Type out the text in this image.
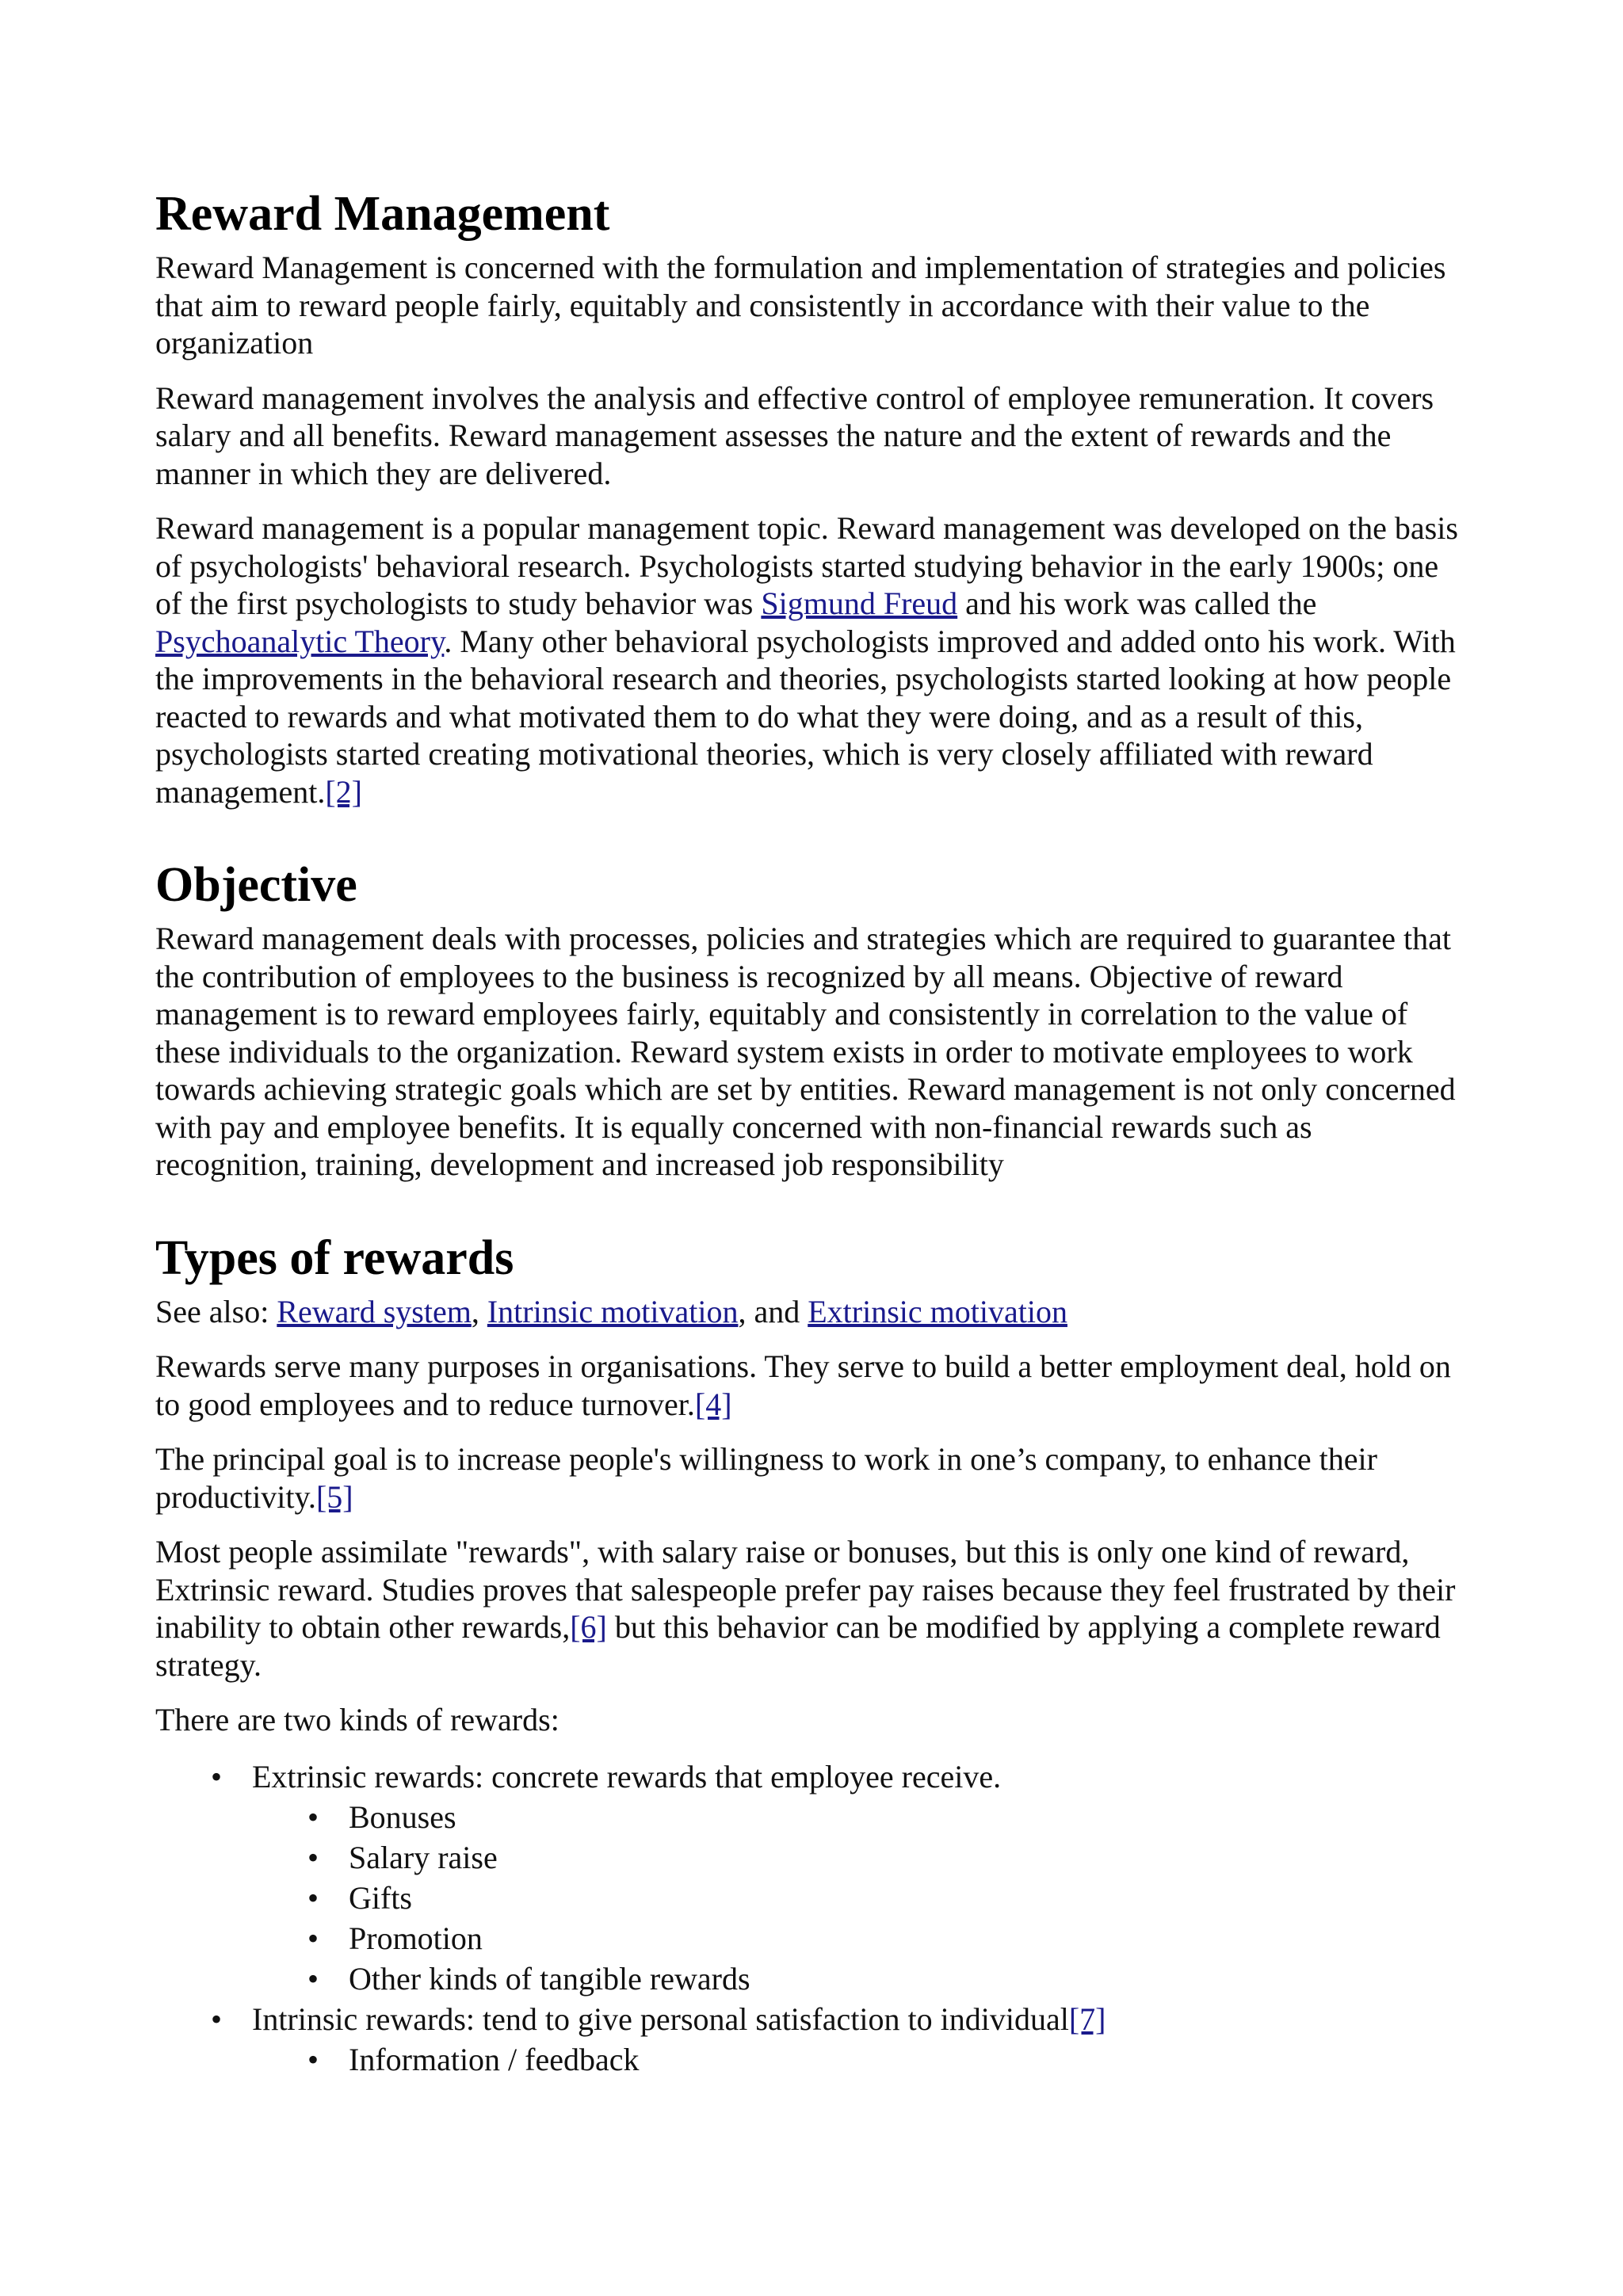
Reward Management

Reward Management is concerned with the formulation and implementation of strategies and policies that aim to reward people fairly, equitably and consistently in accordance with their value to the organization

Reward management involves the analysis and effective control of employee remuneration. It covers salary and all benefits. Reward management assesses the nature and the extent of rewards and the manner in which they are delivered.

Reward management is a popular management topic. Reward management was developed on the basis of psychologists' behavioral research. Psychologists started studying behavior in the early 1900s; one of the first psychologists to study behavior was Sigmund Freud and his work was called the Psychoanalytic Theory. Many other behavioral psychologists improved and added onto his work. With the improvements in the behavioral research and theories, psychologists started looking at how people reacted to rewards and what motivated them to do what they were doing, and as a result of this, psychologists started creating motivational theories, which is very closely affiliated with reward management.[2]

Objective

Reward management deals with processes, policies and strategies which are required to guarantee that the contribution of employees to the business is recognized by all means. Objective of reward management is to reward employees fairly, equitably and consistently in correlation to the value of these individuals to the organization. Reward system exists in order to motivate employees to work towards achieving strategic goals which are set by entities. Reward management is not only concerned with pay and employee benefits. It is equally concerned with non-financial rewards such as recognition, training, development and increased job responsibility

Types of rewards

See also: Reward system, Intrinsic motivation, and Extrinsic motivation

Rewards serve many purposes in organisations. They serve to build a better employment deal, hold on to good employees and to reduce turnover.[4]

The principal goal is to increase people's willingness to work in one’s company, to enhance their productivity.[5]

Most people assimilate "rewards", with salary raise or bonuses, but this is only one kind of reward, Extrinsic reward. Studies proves that salespeople prefer pay raises because they feel frustrated by their inability to obtain other rewards,[6] but this behavior can be modified by applying a complete reward strategy.

There are two kinds of rewards:

• Extrinsic rewards: concrete rewards that employee receive.
• Bonuses
• Salary raise
• Gifts
• Promotion
• Other kinds of tangible rewards
• Intrinsic rewards: tend to give personal satisfaction to individual[7]
• Information / feedback
